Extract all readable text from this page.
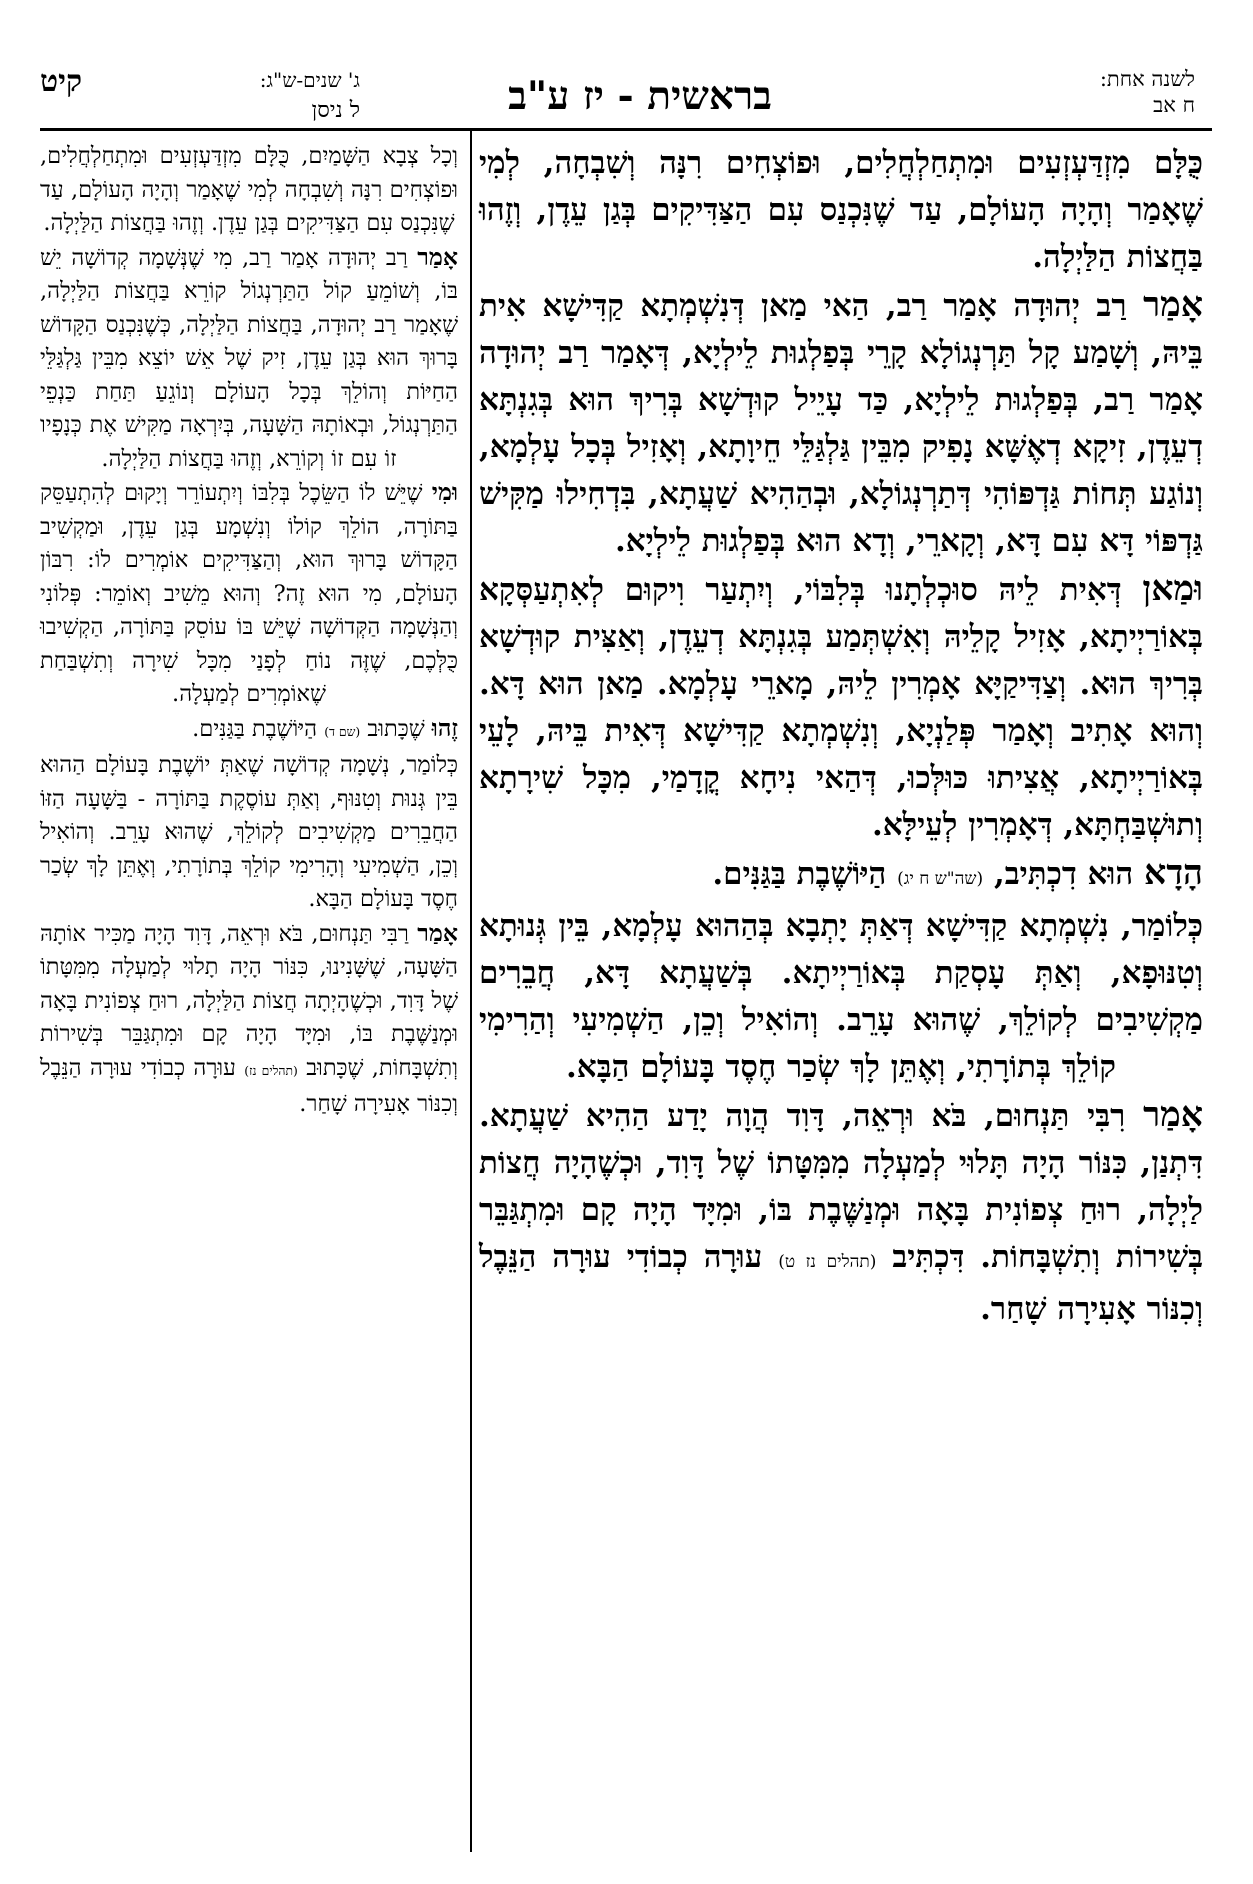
לשנה אחת:
ח אב
בראשית - יז ע"ב
קיט	ג' שנים-ש"ג:
ל ניסן

כֻּלָּם מִזְדַּעְזְעִים וּמִתְחַלְחֲלִים, וּפוֹצְחִים רִנָּה וְשִׁבְחָה, לְמִי שֶׁאָמַר וְהָיָה הָעוֹלָם, עַד שֶׁנִּכְנַס עִם הַצַּדִּיקִים בְּגַן עֵדֶן, וְזֶהוּ בַּחֲצוֹת הַלַּיְלָה.

אָמַר רַב יְהוּדָה אָמַר רַב, הַאי מַאן דְּנִשְׁמְתָא קַדִּישָׁא אִית בֵּיהּ, וְשָׁמַע קָל תַּרְנְגוֹלָא קָרֵי בְּפַלְגוּת לֵילְיָא, דְּאָמַר רַב יְהוּדָה אָמַר רַב, בְּפַלְגוּת לֵילְיָא, כַּד עָיֵיל קוּדְשָׁא בְּרִיךְ הוּא בְּגִנְתָּא דְעֵדֶן, זִיקָא דְאֶשָּׁא נָפִיק מִבֵּין גַּלְגַּלֵּי חֵיוָתָא, וְאָזִיל בְּכָל עָלְמָא, וְנוֹגַע תְּחוֹת גַּדְפּוֹהִי דְּתַרְנְגוֹלָא, וּבְהַהִיא שַׁעֲתָא, בִּדְחִילוּ מַקִּישׁ גַּדְפּוֹי דָּא עִם דָּא, וְקָארֵי, וְדָא הוּא בְּפַלְגוּת לֵילְיָא.

וּמַאן דְּאִית לֵיהּ סוּכְלְתָנוּ בְּלִבּוֹי, וְיִתְעַר וִיקוּם לְאִתְעַסְּקָא בְּאוֹרַיְיתָא, אָזִיל קָלֵיהּ וְאִשְׁתְּמַע בְּגִנְתָּא דְעֵדֶן, וְאַצִּית קוּדְשָׁא בְּרִיךְ הוּא. וְצַדִּיקַיָּא אָמְרִין לֵיהּ, מָארֵי עָלְמָא. מַאן הוּא דָּא. וְהוּא אָתִיב וְאָמַר פְּלַנְיָא, וְנִשְׁמְתָא קַדִּישָׁא דְּאִית בֵּיהּ, לָעֵי בְּאוֹרַיְיתָא, אֲצִיתוּ כּוּלְּכוּ, דְּהַאי נִיחָא קֳדָמַי, מִכָּל שִׁירָתָא וְתוּשְׁבַּחְתָּא, דְּאָמְרִין לְעֵילָּא.

הָדָא הוּא דִכְתִּיב, (שה"ש ח יג) הַיּוֹשֶׁבֶת בַּגַּנִּים.

כְּלוֹמַר, נִשְׁמְתָא קַדִּישָׁא דְּאַתְּ יָתְבָא בְּהַהוּא עָלְמָא, בֵּין גְּנוּתָא וְטִנּוּפָא, וְאַתְּ עָסְקַת בְּאוֹרַיְיתָא. בְּשַׁעֲתָא דָּא, חֲבֵרִים מַקְשִׁיבִים לְקוֹלֵךְ, שֶׁהוּא עָרֵב. וְהוֹאִיל וְכֵן, הַשְׁמִיעִי וְהַרִימִי קוֹלֵךְ בְּתוֹרָתִי, וְאֶתֵּן לָךְ שְׂכַר חֶסֶד בָּעוֹלָם הַבָּא.

אָמַר רִבִּי תַּנְחוּם, בֹּא וּרְאֵה, דָּוִד הֲוָה יָדַע הַהִיא שַׁעֲתָא. דִּתְנַן, כִּנּוֹר הָיָה תָּלוּי לְמַעְלָה מִמִּטָּתוֹ שֶׁל דָּוִד, וּכְשֶׁהָיָה חֲצוֹת לַיְלָה, רוּחַ צְפוֹנִית בָּאָה וּמְנַשֶּׁבֶת בּוֹ, וּמִיָּד הָיָה קָם וּמִתְגַּבֵּר בְּשִׁירוֹת וְתִשְׁבָּחוֹת. דִּכְתִּיב (תהלים נז ט) עוּרָה כְבוֹדִי עוּרָה הַנֵּבֶל וְכִנּוֹר אָעִירָה שָׁחַר.

וְכָל צְבָא הַשָּׁמַיִם, כֻּלָּם מִזְדַּעְזְעִים וּמִתְחַלְחֲלִים, וּפוֹצְחִים רִנָּה וְשִׁבְחָה לְמִי שֶׁאָמַר וְהָיָה הָעוֹלָם, עַד שֶׁנִּכְנַס עִם הַצַּדִּיקִים בְּגַן עֵדֶן. וְזֶהוּ בַּחֲצוֹת הַלַּיְלָה.

אָמַר רַב יְהוּדָה אָמַר רַב, מִי שֶׁנְּשָׁמָה קְדוֹשָׁה יֵשׁ בּוֹ, וְשׁוֹמֵעַ קוֹל הַתַּרְנְגוֹל קוֹרֵא בַּחֲצוֹת הַלַּיְלָה, שֶׁאָמַר רַב יְהוּדָה, בַּחֲצוֹת הַלַּיְלָה, כְּשֶׁנִּכְנַס הַקָּדוֹשׁ בָּרוּךְ הוּא בְּגַן עֵדֶן, זִיק שֶׁל אֵשׁ יוֹצֵא מִבֵּין גַּלְגַּלֵּי הַחַיּוֹת וְהוֹלֵךְ בְּכָל הָעוֹלָם וְנוֹגֵעַ תַּחַת כַּנְפֵי הַתַּרְנְגוֹל, וּבְאוֹתָהּ הַשָּׁעָה, בְּיִרְאָה מַקִּישׁ אֶת כְּנָפָיו זוֹ עִם זוֹ וְקוֹרֵא, וְזֶהוּ בַּחֲצוֹת הַלַּיְלָה.

וּמִי שֶׁיֵּשׁ לוֹ הַשֵּׂכֶל בְּלִבּוֹ וְיִתְעוֹרֵר וְיָקוּם לְהִתְעַסֵּק בַּתּוֹרָה, הוֹלֵךְ קוֹלוֹ וְנִשְׁמָע בְּגַן עֵדֶן, וּמַקְשִׁיב הַקָּדוֹשׁ בָּרוּךְ הוּא, וְהַצַּדִּיקִים אוֹמְרִים לוֹ: רִבּוֹן הָעוֹלָם, מִי הוּא זֶה? וְהוּא מֵשִׁיב וְאוֹמֵר: פְּלוֹנִי וְהַנְּשָׁמָה הַקְּדוֹשָׁה שֶׁיֵּשׁ בּוֹ עוֹסֵק בַּתּוֹרָה, הַקְשִׁיבוּ כֻּלְּכֶם, שֶׁזֶּה נוֹחַ לְפָנַי מִכָּל שִׁירָה וְתִשְׁבַּחַת שֶׁאוֹמְרִים לְמַעְלָה.

זֶהוּ שֶׁכָּתוּב (שם ד) הַיּוֹשֶׁבֶת בַּגַּנִּים.

כְּלוֹמַר, נְשָׁמָה קְדוֹשָׁה שֶׁאַתְּ יוֹשֶׁבֶת בָּעוֹלָם הַהוּא בֵּין גְּנוּת וְטִנּוּף, וְאַתְּ עוֹסֶקֶת בַּתּוֹרָה - בַּשָּׁעָה הַזּוֹ הַחֲבֵרִים מַקְשִׁיבִים לְקוֹלֵךְ, שֶׁהוּא עָרֵב. וְהוֹאִיל וְכֵן, הַשְׁמִיעִי וְהָרִימִי קוֹלֵךְ בְּתוֹרָתִי, וְאֶתֵּן לָךְ שְׂכַר חֶסֶד בָּעוֹלָם הַבָּא.

אָמַר רַבִּי תַּנְחוּם, בֹּא וּרְאֵה, דָּוִד הָיָה מַכִּיר אוֹתָהּ הַשָּׁעָה, שֶׁשָּׁנִינוּ, כִּנּוֹר הָיָה תָלוּי לְמַעְלָה מִמִּטָּתוֹ שֶׁל דָּוִד, וּכְשֶׁהָיְתָה חֲצוֹת הַלַּיְלָה, רוּחַ צְפוֹנִית בָּאָה וּמְנַשֶּׁבֶת בּוֹ, וּמִיָּד הָיָה קָם וּמִתְגַּבֵּר בְּשִׁירוֹת וְתִשְׁבָּחוֹת, שֶׁכָּתוּב (תהלים נז) עוּרָה כְבוֹדִי עוּרָה הַנֵּבֶל וְכִנּוֹר אָעִירָה שָׁחַר.
